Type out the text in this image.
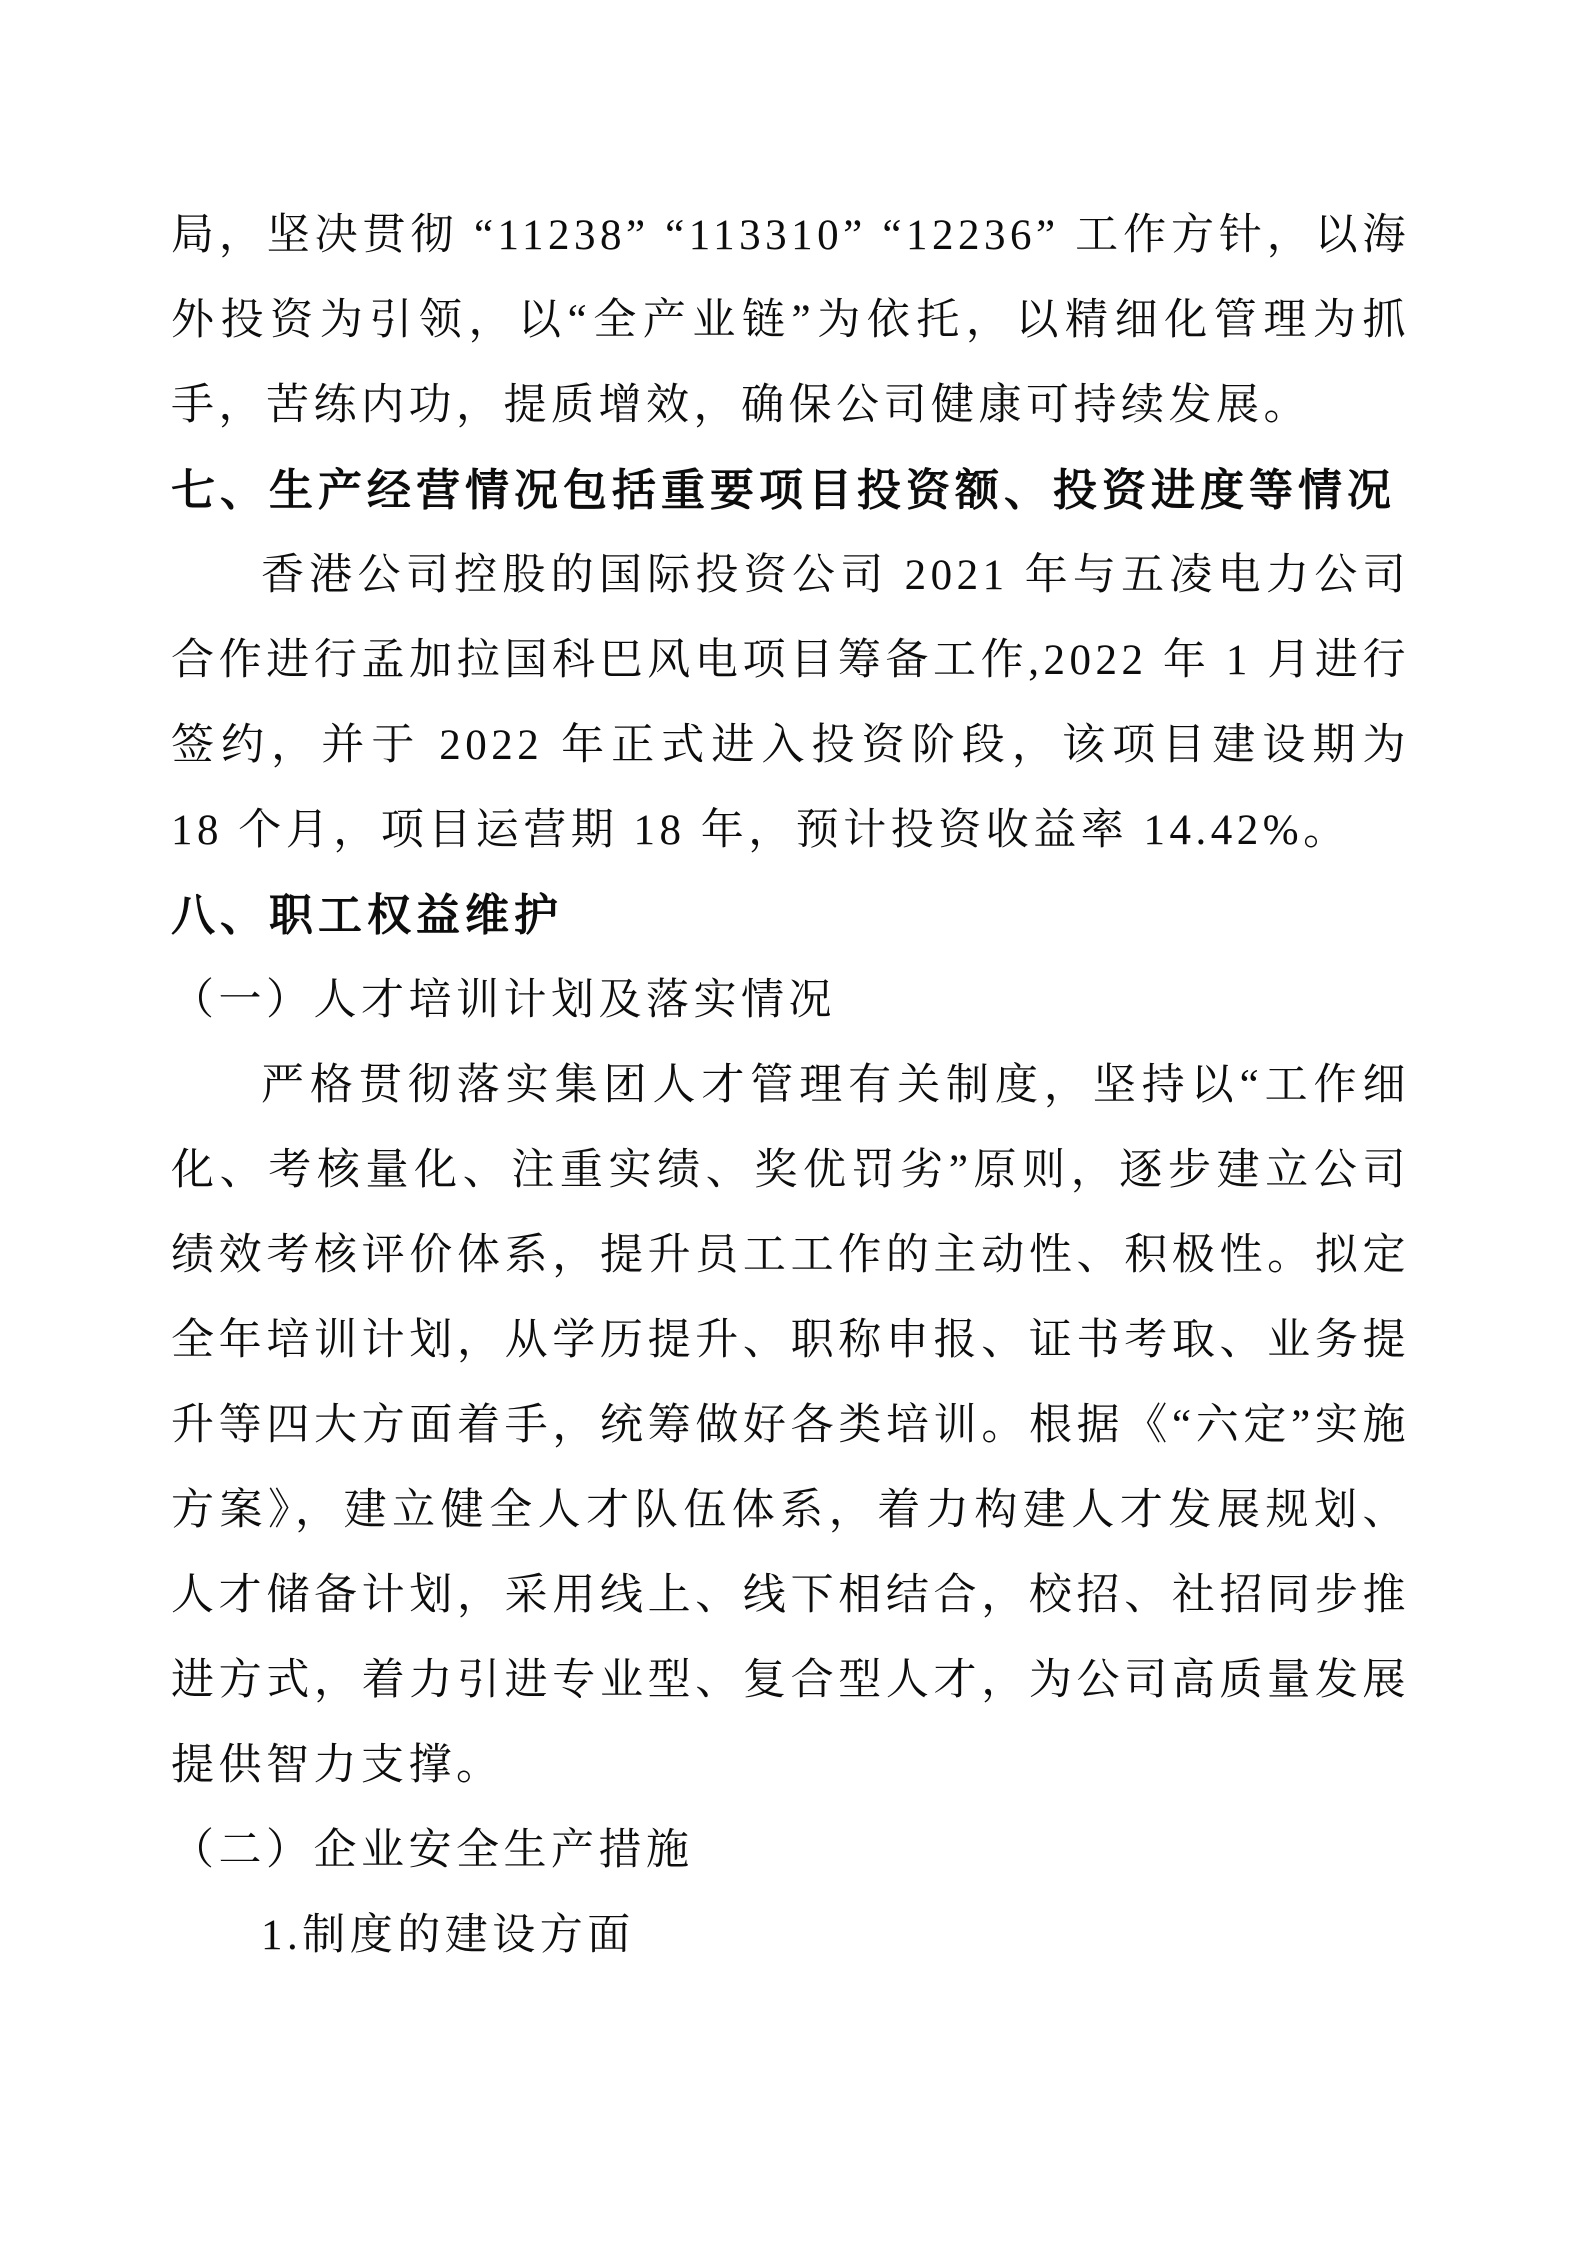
局，坚决贯彻 “11238” “113310” “12236” 工作方针，以海外投资为引领，以“全产业链”为依托，以精细化管理为抓手，苦练内功，提质增效，确保公司健康可持续发展。

七、生产经营情况包括重要项目投资额、投资进度等情况

香港公司控股的国际投资公司 2021 年与五凌电力公司合作进行孟加拉国科巴风电项目筹备工作,2022 年 1 月进行签约，并于 2022 年正式进入投资阶段，该项目建设期为 18 个月，项目运营期 18 年，预计投资收益率 14.42%。

八、职工权益维护

（一）人才培训计划及落实情况

严格贯彻落实集团人才管理有关制度，坚持以“工作细化、考核量化、注重实绩、奖优罚劣”原则，逐步建立公司绩效考核评价体系，提升员工工作的主动性、积极性。拟定全年培训计划，从学历提升、职称申报、证书考取、业务提升等四大方面着手，统筹做好各类培训。根据《“六定”实施方案》，建立健全人才队伍体系，着力构建人才发展规划、人才储备计划，采用线上、线下相结合，校招、社招同步推进方式，着力引进专业型、复合型人才，为公司高质量发展提供智力支撑。

（二）企业安全生产措施

1.制度的建设方面
